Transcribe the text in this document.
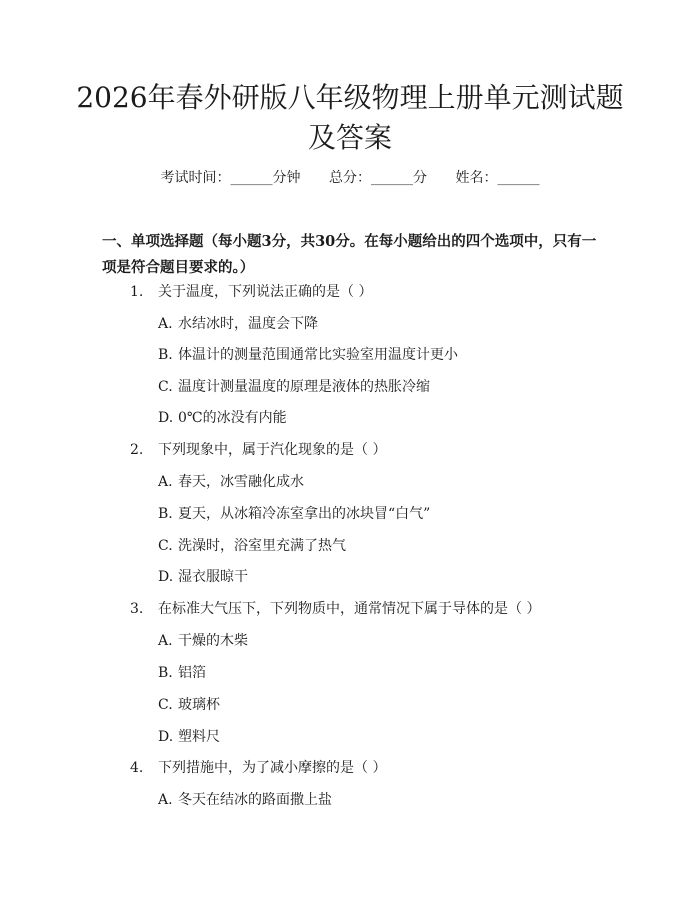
2026年春外研版八年级物理上册单元测试题
及答案
考试时间：______分钟 总分：______分 姓名：______
一、单项选择题（每小题3分，共30分。在每小题给出的四个选项中，只有一项是符合题目要求的。）
1. 关于温度，下列说法正确的是（ ）
A. 水结冰时，温度会下降
B. 体温计的测量范围通常比实验室用温度计更小
C. 温度计测量温度的原理是液体的热胀冷缩
D. 0℃的冰没有内能
2. 下列现象中，属于汽化现象的是（ ）
A. 春天，冰雪融化成水
B. 夏天，从冰箱冷冻室拿出的冰块冒“白气”
C. 洗澡时，浴室里充满了热气
D. 湿衣服晾干
3. 在标准大气压下，下列物质中，通常情况下属于导体的是（ ）
A. 干燥的木柴
B. 铝箔
C. 玻璃杯
D. 塑料尺
4. 下列措施中，为了减小摩擦的是（ ）
A. 冬天在结冰的路面撒上盐
